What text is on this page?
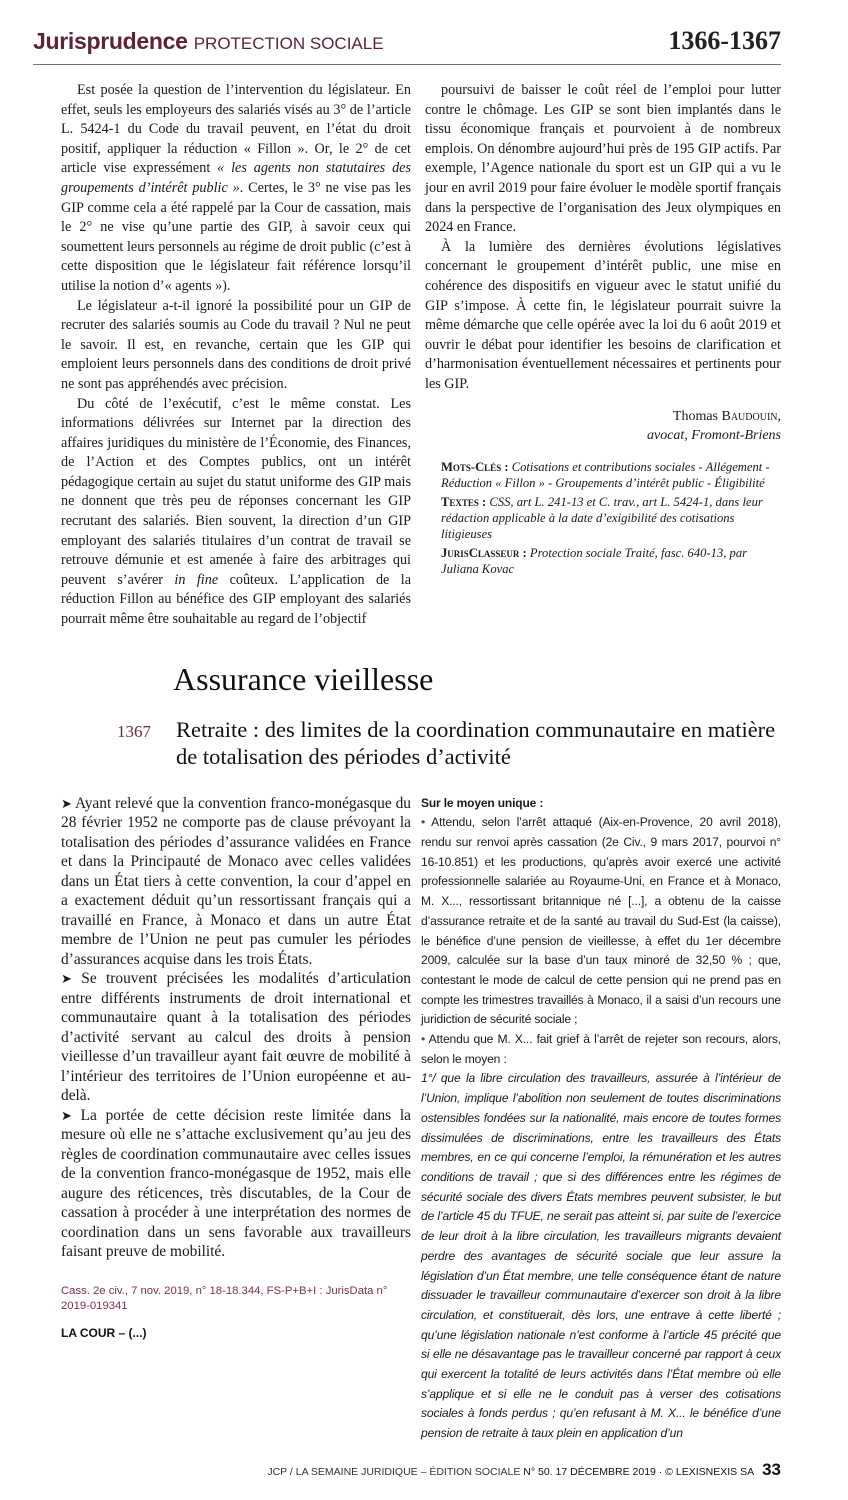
Jurisprudence PROTECTION SOCIALE	1366-1367

Est posée la question de l’intervention du législateur. En effet, seuls les employeurs des salariés visés au 3° de l’article L. 5424-1 du Code du travail peuvent, en l’état du droit positif, appliquer la réduction « Fillon ». Or, le 2° de cet article vise expressément « les agents non statutaires des groupements d’intérêt public ». Certes, le 3° ne vise pas les GIP comme cela a été rappelé par la Cour de cassation, mais le 2° ne vise qu’une partie des GIP, à savoir ceux qui soumettent leurs personnels au régime de droit public (c’est à cette disposition que le législateur fait référence lorsqu’il utilise la notion d’« agents »).

Le législateur a-t-il ignoré la possibilité pour un GIP de recruter des salariés soumis au Code du travail ? Nul ne peut le savoir. Il est, en revanche, certain que les GIP qui emploient leurs personnels dans des conditions de droit privé ne sont pas appréhendés avec précision.

Du côté de l’exécutif, c’est le même constat. Les informations délivrées sur Internet par la direction des affaires juridiques du ministère de l’Économie, des Finances, de l’Action et des Comptes publics, ont un intérêt pédagogique certain au sujet du statut uniforme des GIP mais ne donnent que très peu de réponses concernant les GIP recrutant des salariés. Bien souvent, la direction d’un GIP employant des salariés titulaires d’un contrat de travail se retrouve démunie et est amenée à faire des arbitrages qui peuvent s’avérer in fine coûteux. L’application de la réduction Fillon au bénéfice des GIP employant des salariés pourrait même être souhaitable au regard de l’objectif

poursuivi de baisser le coût réel de l’emploi pour lutter contre le chômage. Les GIP se sont bien implantés dans le tissu économique français et pourvoient à de nombreux emplois. On dénombre aujourd’hui près de 195 GIP actifs. Par exemple, l’Agence nationale du sport est un GIP qui a vu le jour en avril 2019 pour faire évoluer le modèle sportif français dans la perspective de l’organisation des Jeux olympiques en 2024 en France.

À la lumière des dernières évolutions législatives concernant le groupement d’intérêt public, une mise en cohérence des dispositifs en vigueur avec le statut unifié du GIP s’impose. À cette fin, le législateur pourrait suivre la même démarche que celle opérée avec la loi du 6 août 2019 et ouvrir le débat pour identifier les besoins de clarification et d’harmonisation éventuellement nécessaires et pertinents pour les GIP.

Thomas Baudouin,
avocat, Fromont-Briens
Mots-Clés : Cotisations et contributions sociales - Allégement - Réduction « Fillon » - Groupements d’intérêt public - Éligibilité
Textes : CSS, art L. 241-13 et C. trav., art L. 5424-1, dans leur rédaction applicable à la date d’exigibilité des cotisations litigieuses
JurisClasseur : Protection sociale Traité, fasc. 640-13, par Juliana Kovac
Assurance vieillesse
1367	Retraite : des limites de la coordination communautaire en matière de totalisation des périodes d’activité

➤ Ayant relevé que la convention franco-monégasque du 28 février 1952 ne comporte pas de clause prévoyant la totalisation des périodes d’assurance validées en France et dans la Principauté de Monaco avec celles validées dans un État tiers à cette convention, la cour d’appel en a exactement déduit qu’un ressortissant français qui a travaillé en France, à Monaco et dans un autre État membre de l’Union ne peut pas cumuler les périodes d’assurances acquise dans les trois États.

➤ Se trouvent précisées les modalités d’articulation entre différents instruments de droit international et communautaire quant à la totalisation des périodes d’activité servant au calcul des droits à pension vieillesse d’un travailleur ayant fait œuvre de mobilité à l’intérieur des territoires de l’Union européenne et au-delà.

➤ La portée de cette décision reste limitée dans la mesure où elle ne s’attache exclusivement qu’au jeu des règles de coordination communautaire avec celles issues de la convention franco-monégasque de 1952, mais elle augure des réticences, très discutables, de la Cour de cassation à procéder à une interprétation des normes de coordination dans un sens favorable aux travailleurs faisant preuve de mobilité.

Cass. 2e civ., 7 nov. 2019, n° 18-18.344, FS-P+B+I : JurisData n° 2019-019341
LA COUR – (...)

Sur le moyen unique :

• Attendu, selon l’arrêt attaqué (Aix-en-Provence, 20 avril 2018), rendu sur renvoi après cassation (2e Civ., 9 mars 2017, pourvoi n° 16-10.851) et les productions, qu’après avoir exercé une activité professionnelle salariée au Royaume-Uni, en France et à Monaco, M. X..., ressortissant britannique né [...], a obtenu de la caisse d’assurance retraite et de la santé au travail du Sud-Est (la caisse), le bénéfice d’une pension de vieillesse, à effet du 1er décembre 2009, calculée sur la base d’un taux minoré de 32,50 % ; que, contestant le mode de calcul de cette pension qui ne prend pas en compte les trimestres travaillés à Monaco, il a saisi d’un recours une juridiction de sécurité sociale ;

• Attendu que M. X... fait grief à l’arrêt de rejeter son recours, alors, selon le moyen :

1°/ que la libre circulation des travailleurs, assurée à l’intérieur de l’Union, implique l’abolition non seulement de toutes discriminations ostensibles fondées sur la nationalité, mais encore de toutes formes dissimulées de discriminations, entre les travailleurs des États membres, en ce qui concerne l’emploi, la rémunération et les autres conditions de travail ; que si des différences entre les régimes de sécurité sociale des divers États membres peuvent subsister, le but de l’article 45 du TFUE, ne serait pas atteint si, par suite de l’exercice de leur droit à la libre circulation, les travailleurs migrants devaient perdre des avantages de sécurité sociale que leur assure la législation d’un État membre, une telle conséquence étant de nature dissuader le travailleur communautaire d’exercer son droit à la libre circulation, et constituerait, dès lors, une entrave à cette liberté ; qu’une législation nationale n’est conforme à l’article 45 précité que si elle ne désavantage pas le travailleur concerné par rapport à ceux qui exercent la totalité de leurs activités dans l’État membre où elle s’applique et si elle ne le conduit pas à verser des cotisations sociales à fonds perdus ; qu’en refusant à M. X... le bénéfice d’une pension de retraite à taux plein en application d’un

JCP / LA SEMAINE JURIDIQUE – ÉDITION SOCIALE N° 50. 17 DÉCEMBRE 2019 · © LEXISNEXIS SA 33
